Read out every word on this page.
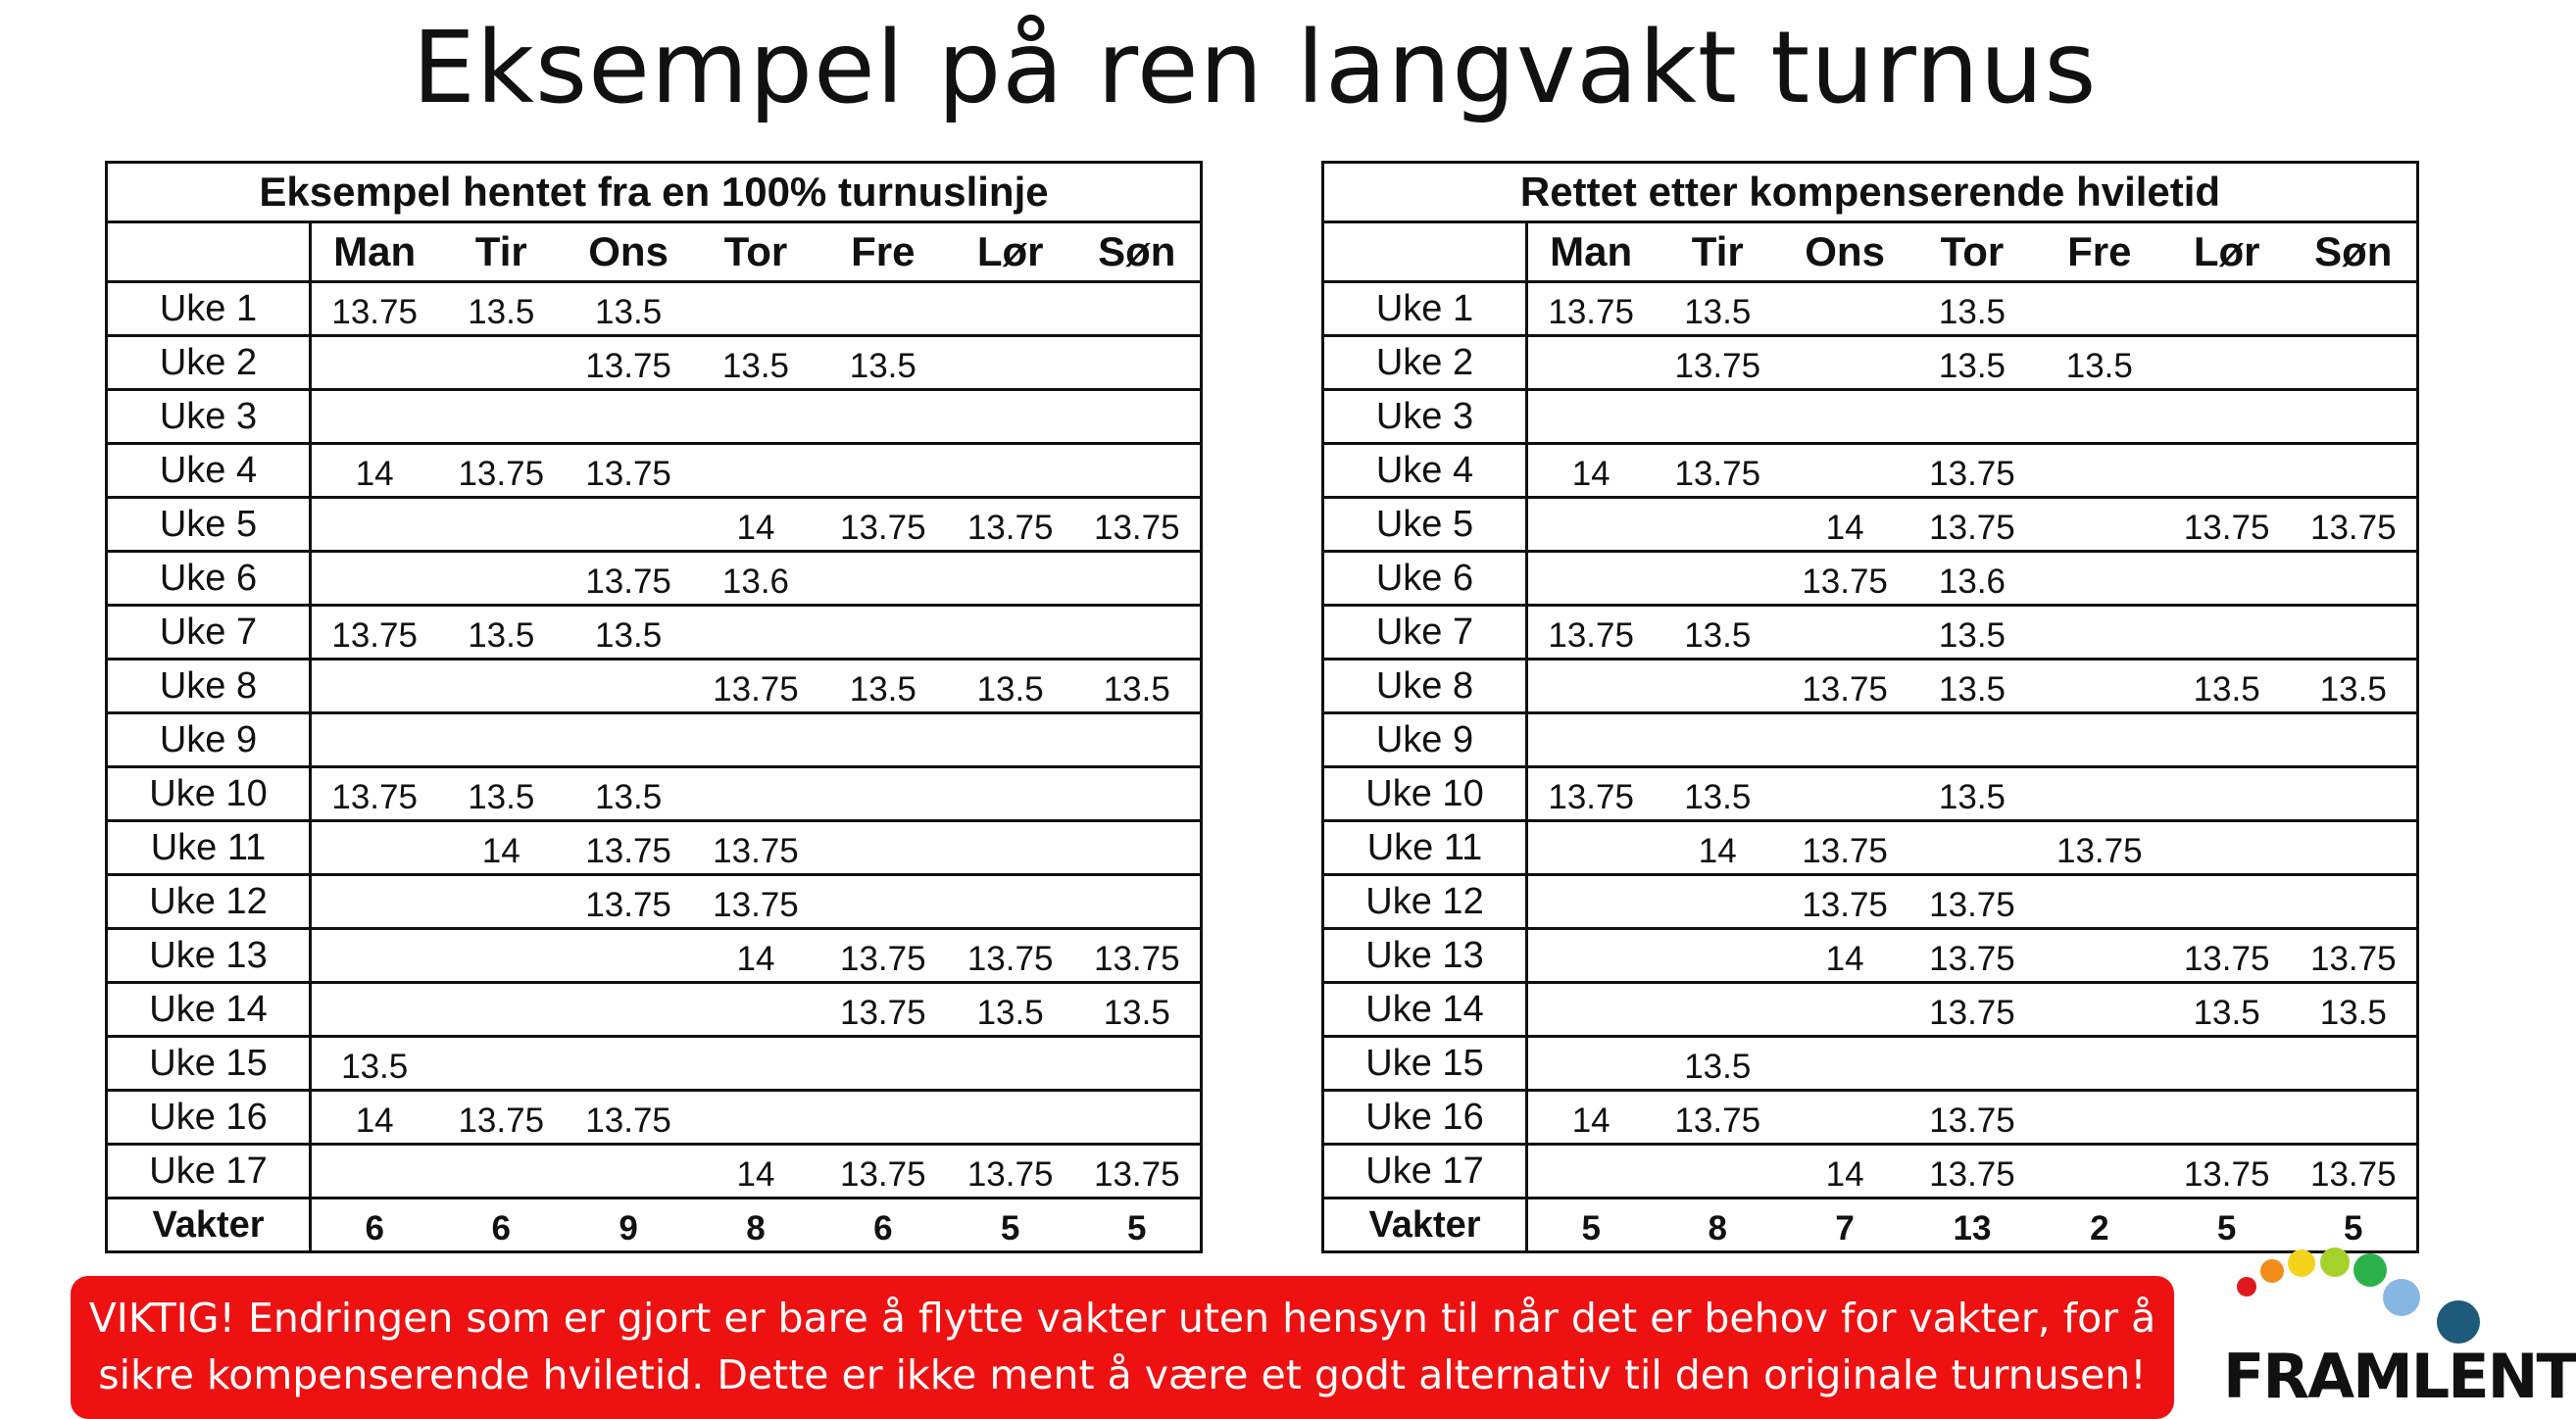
Eksempel på ren langvakt turnus
Eksempel hentet fra en 100% turnuslinje							
	Man	Tir	Ons	Tor	Fre	Lør	Søn
Uke 1	13.75	13.5	13.5				
Uke 2			13.75	13.5	13.5		
Uke 3							
Uke 4	14	13.75	13.75				
Uke 5				14	13.75	13.75	13.75
Uke 6			13.75	13.6			
Uke 7	13.75	13.5	13.5				
Uke 8				13.75	13.5	13.5	13.5
Uke 9							
Uke 10	13.75	13.5	13.5				
Uke 11		14	13.75	13.75			
Uke 12			13.75	13.75			
Uke 13				14	13.75	13.75	13.75
Uke 14					13.75	13.5	13.5
Uke 15	13.5						
Uke 16	14	13.75	13.75				
Uke 17				14	13.75	13.75	13.75
Vakter	6	6	9	8	6	5	5
Rettet etter kompenserende hviletid							
	Man	Tir	Ons	Tor	Fre	Lør	Søn
Uke 1	13.75	13.5		13.5			
Uke 2		13.75		13.5	13.5		
Uke 3							
Uke 4	14	13.75		13.75			
Uke 5			14	13.75		13.75	13.75
Uke 6			13.75	13.6			
Uke 7	13.75	13.5		13.5			
Uke 8			13.75	13.5		13.5	13.5
Uke 9							
Uke 10	13.75	13.5		13.5			
Uke 11		14	13.75		13.75		
Uke 12			13.75	13.75			
Uke 13			14	13.75		13.75	13.75
Uke 14				13.75		13.5	13.5
Uke 15		13.5					
Uke 16	14	13.75		13.75			
Uke 17			14	13.75		13.75	13.75
Vakter	5	8	7	13	2	5	5
VIKTIG! Endringen som er gjort er bare å flytte vakter uten hensyn til når det er behov for vakter, for å
sikre kompenserende hviletid. Dette er ikke ment å være et godt alternativ til den originale turnusen!	FRAMLENT
